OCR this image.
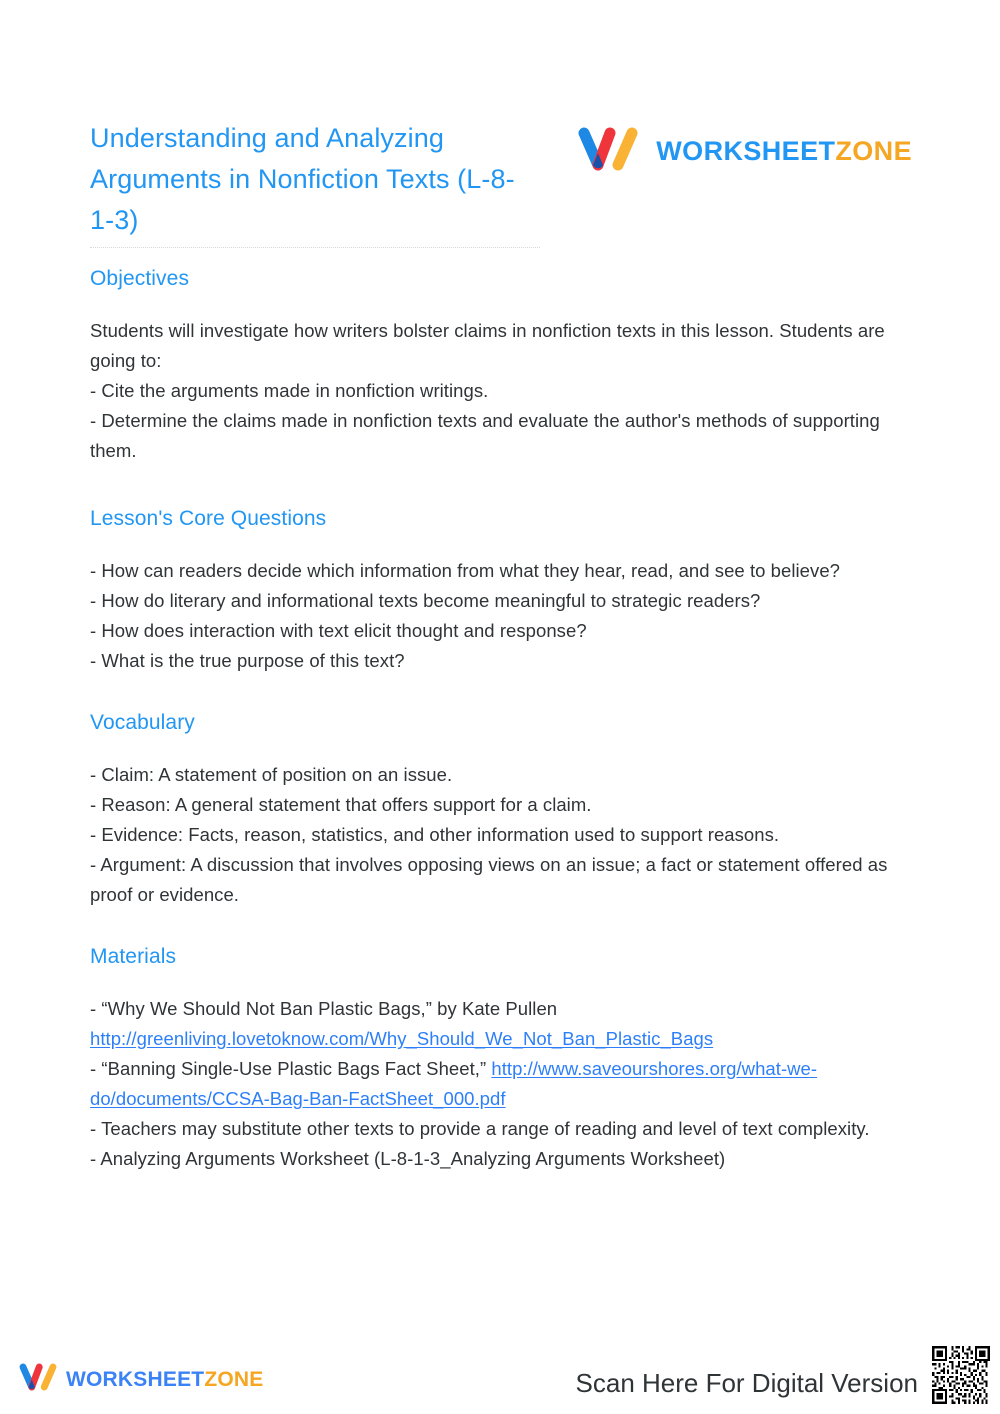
Understanding and Analyzing Arguments in Nonfiction Texts (L-8-1-3)
WORKSHEETZONE
Objectives

Students will investigate how writers bolster claims in nonfiction texts in this lesson. Students are going to:

- Cite the arguments made in nonfiction writings.

- Determine the claims made in nonfiction texts and evaluate the author's methods of supporting them.

Lesson's Core Questions

- How can readers decide which information from what they hear, read, and see to believe?

- How do literary and informational texts become meaningful to strategic readers?

- How does interaction with text elicit thought and response?

- What is the true purpose of this text?

Vocabulary

- Claim: A statement of position on an issue.

- Reason: A general statement that offers support for a claim.

- Evidence: Facts, reason, statistics, and other information used to support reasons.

- Argument: A discussion that involves opposing views on an issue; a fact or statement offered as proof or evidence.

Materials

- “Why We Should Not Ban Plastic Bags,” by Kate Pullen

http://greenliving.lovetoknow.com/Why_Should_We_Not_Ban_Plastic_Bags

- “Banning Single-Use Plastic Bags Fact Sheet,” http://www.saveourshores.org/what-we-do/documents/CCSA-Bag-Ban-FactSheet_000.pdf

- Teachers may substitute other texts to provide a range of reading and level of text complexity.

- Analyzing Arguments Worksheet (L-8-1-3_Analyzing Arguments Worksheet)

WORKSHEETZONE	Scan Here For Digital Version
